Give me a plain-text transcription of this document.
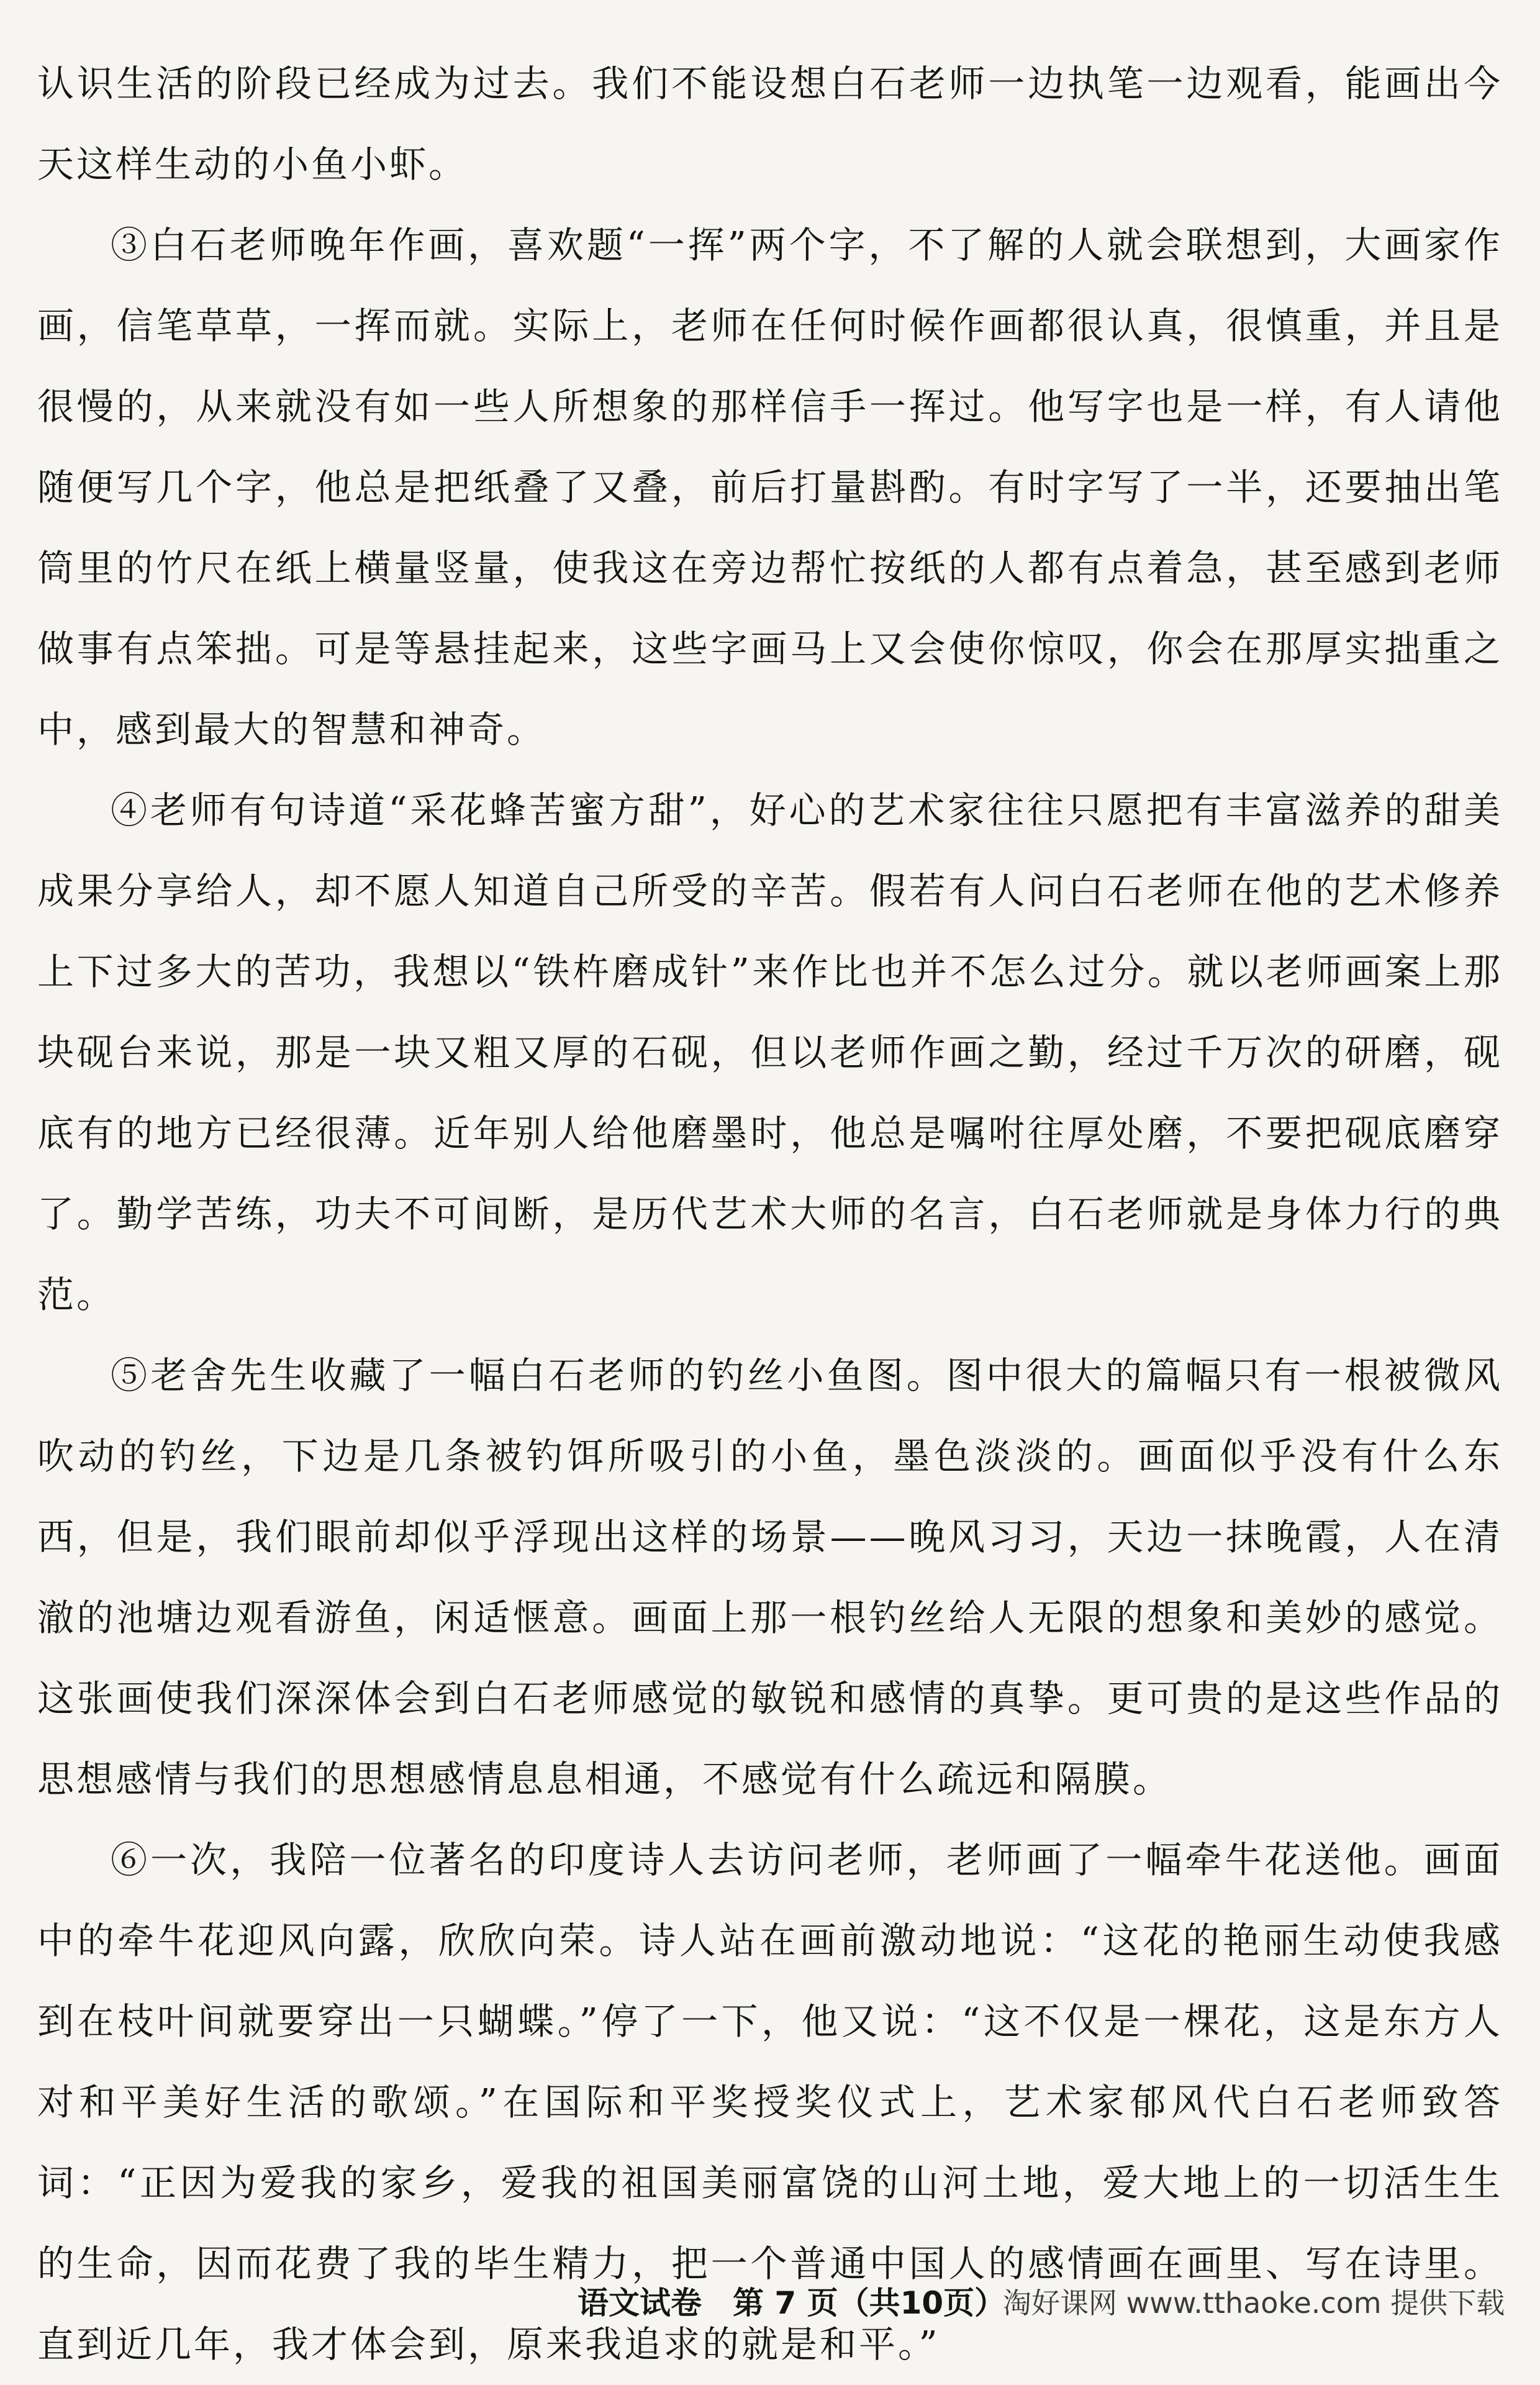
认识生活的阶段已经成为过去。我们不能设想白石老师一边执笔一边观看，能画出今天这样生动的小鱼小虾。

③白石老师晚年作画，喜欢题“一挥”两个字，不了解的人就会联想到，大画家作画，信笔草草，一挥而就。实际上，老师在任何时候作画都很认真，很慎重，并且是很慢的，从来就没有如一些人所想象的那样信手一挥过。他写字也是一样，有人请他随便写几个字，他总是把纸叠了又叠，前后打量斟酌。有时字写了一半，还要抽出笔筒里的竹尺在纸上横量竖量，使我这在旁边帮忙按纸的人都有点着急，甚至感到老师做事有点笨拙。可是等悬挂起来，这些字画马上又会使你惊叹，你会在那厚实拙重之中，感到最大的智慧和神奇。

④老师有句诗道“采花蜂苦蜜方甜”，好心的艺术家往往只愿把有丰富滋养的甜美成果分享给人，却不愿人知道自己所受的辛苦。假若有人问白石老师在他的艺术修养上下过多大的苦功，我想以“铁杵磨成针”来作比也并不怎么过分。就以老师画案上那块砚台来说，那是一块又粗又厚的石砚，但以老师作画之勤，经过千万次的研磨，砚底有的地方已经很薄。近年别人给他磨墨时，他总是嘱咐往厚处磨，不要把砚底磨穿了。勤学苦练，功夫不可间断，是历代艺术大师的名言，白石老师就是身体力行的典范。

⑤老舍先生收藏了一幅白石老师的钓丝小鱼图。图中很大的篇幅只有一根被微风吹动的钓丝，下边是几条被钓饵所吸引的小鱼，墨色淡淡的。画面似乎没有什么东西，但是，我们眼前却似乎浮现出这样的场景——晚风习习，天边一抹晚霞，人在清澈的池塘边观看游鱼，闲适惬意。画面上那一根钓丝给人无限的想象和美妙的感觉。这张画使我们深深体会到白石老师感觉的敏锐和感情的真挚。更可贵的是这些作品的思想感情与我们的思想感情息息相通，不感觉有什么疏远和隔膜。

⑥一次，我陪一位著名的印度诗人去访问老师，老师画了一幅牵牛花送他。画面中的牵牛花迎风向露，欣欣向荣。诗人站在画前激动地说：“这花的艳丽生动使我感到在枝叶间就要穿出一只蝴蝶。”停了一下，他又说：“这不仅是一棵花，这是东方人对和平美好生活的歌颂。”在国际和平奖授奖仪式上，艺术家郁风代白石老师致答词：“正因为爱我的家乡，爱我的祖国美丽富饶的山河土地，爱大地上的一切活生生的生命，因而花费了我的毕生精力，把一个普通中国人的感情画在画里、写在诗里。直到近几年，我才体会到，原来我追求的就是和平。”

语文试卷　第 7 页（共10页）
淘好课网 www.tthaoke.com 提供下载
